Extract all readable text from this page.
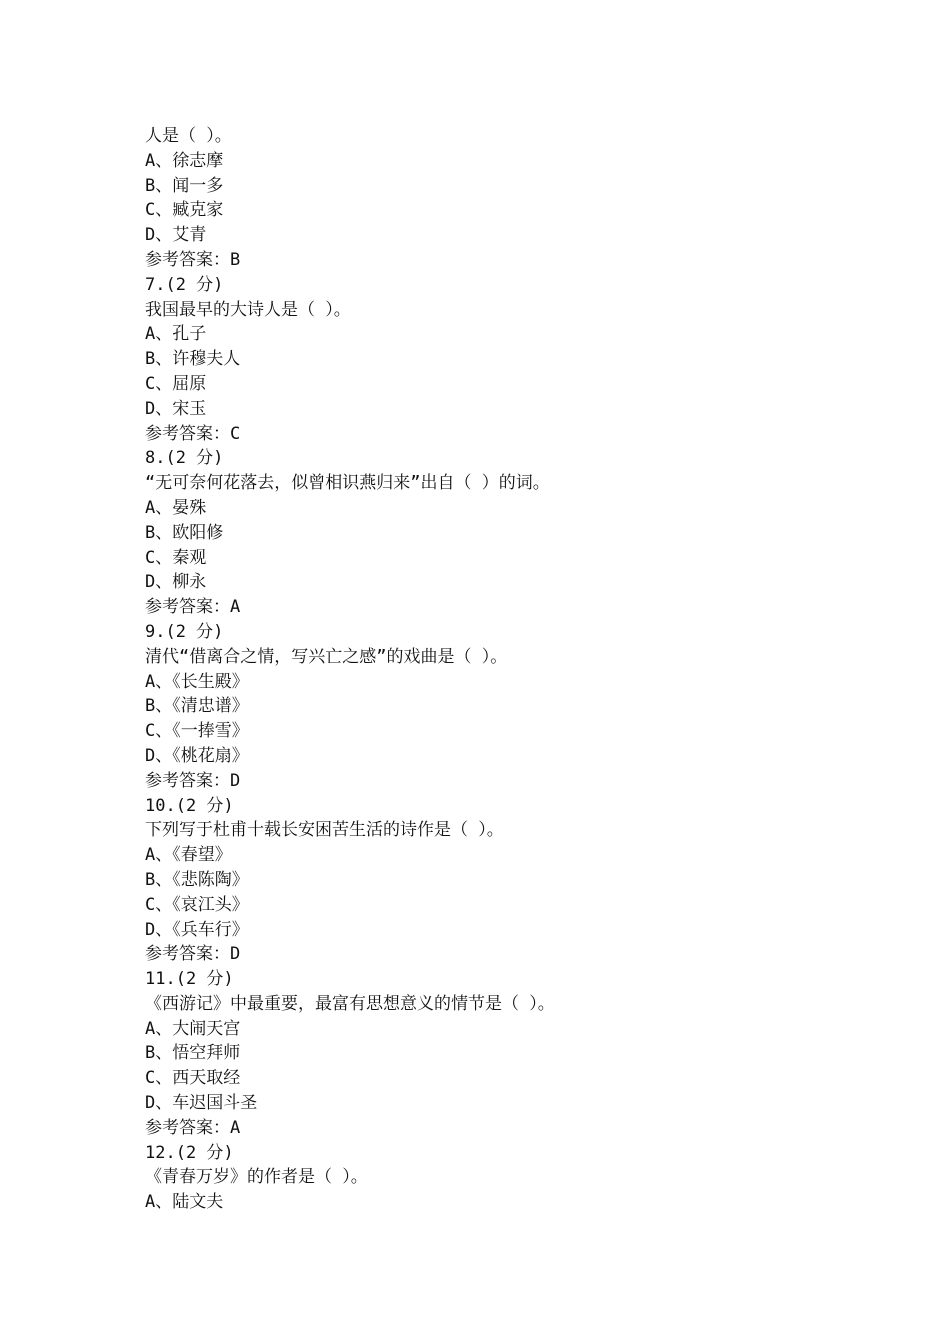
人是（ ）。
A、徐志摩
B、闻一多
C、臧克家
D、艾青
参考答案：B
7.(2 分)
我国最早的大诗人是（ ）。
A、孔子
B、许穆夫人
C、屈原
D、宋玉
参考答案：C
8.(2 分)
“无可奈何花落去，似曾相识燕归来”出自（ ）的词。
A、晏殊
B、欧阳修
C、秦观
D、柳永
参考答案：A
9.(2 分)
清代“借离合之情，写兴亡之感”的戏曲是（ ）。
A、《长生殿》
B、《清忠谱》
C、《一捧雪》
D、《桃花扇》
参考答案：D
10.(2 分)
下列写于杜甫十载长安困苦生活的诗作是（ ）。
A、《春望》
B、《悲陈陶》
C、《哀江头》
D、《兵车行》
参考答案：D
11.(2 分)
《西游记》中最重要，最富有思想意义的情节是（ ）。
A、大闹天宫
B、悟空拜师
C、西天取经
D、车迟国斗圣
参考答案：A
12.(2 分)
《青春万岁》的作者是（ ）。
A、陆文夫
